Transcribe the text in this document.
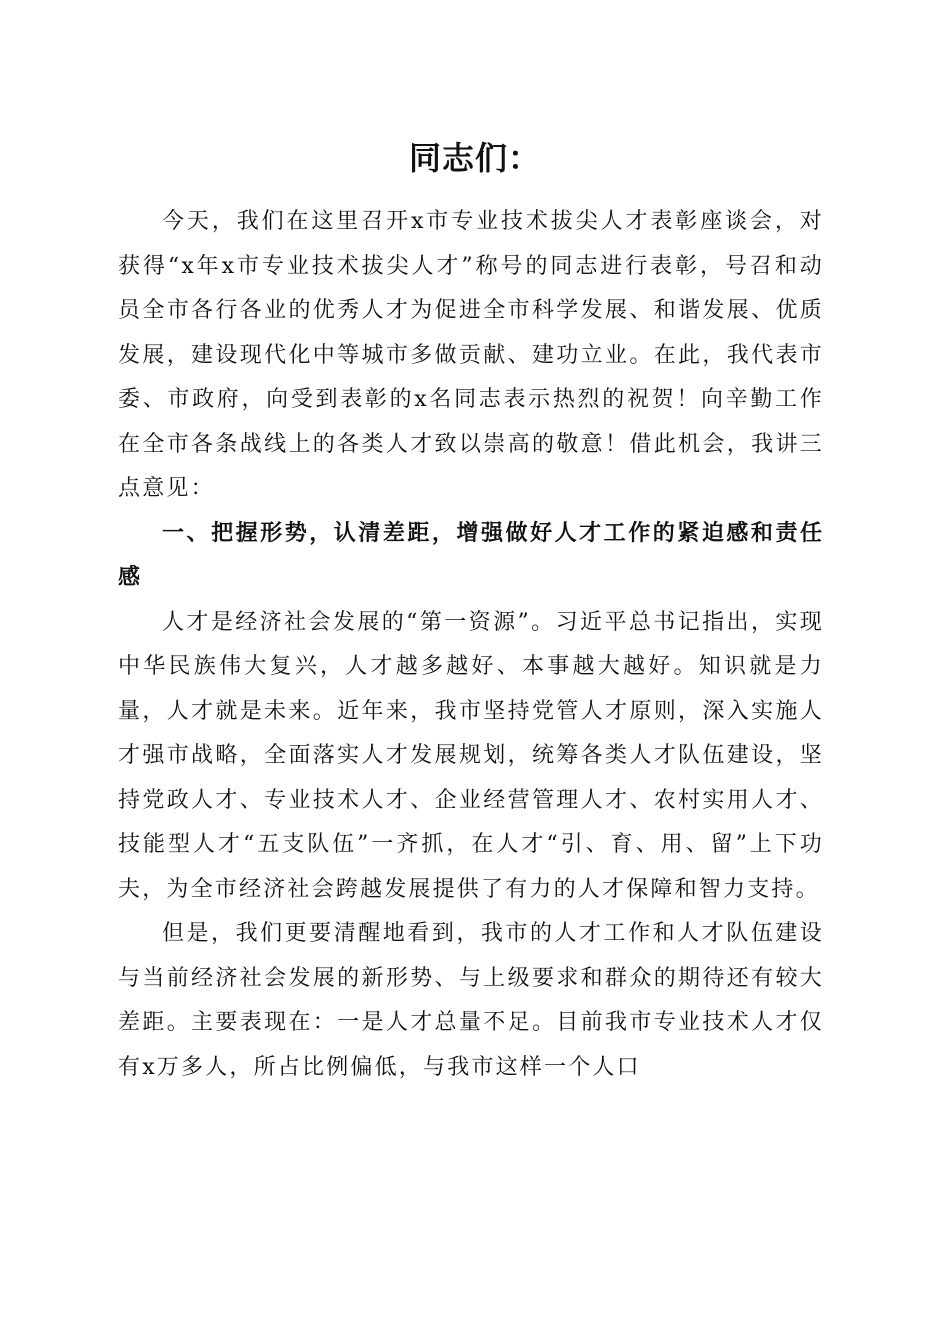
同志们：

今天，我们在这里召开x市专业技术拔尖人才表彰座谈会，对获得“x年x市专业技术拔尖人才”称号的同志进行表彰，号召和动员全市各行各业的优秀人才为促进全市科学发展、和谐发展、优质发展，建设现代化中等城市多做贡献、建功立业。在此，我代表市委、市政府，向受到表彰的x名同志表示热烈的祝贺！向辛勤工作在全市各条战线上的各类人才致以崇高的敬意！借此机会，我讲三点意见：

一、把握形势，认清差距，增强做好人才工作的紧迫感和责任感

人才是经济社会发展的“第一资源”。习近平总书记指出，实现中华民族伟大复兴，人才越多越好、本事越大越好。知识就是力量，人才就是未来。近年来，我市坚持党管人才原则，深入实施人才强市战略，全面落实人才发展规划，统筹各类人才队伍建设，坚持党政人才、专业技术人才、企业经营管理人才、农村实用人才、技能型人才“五支队伍”一齐抓，在人才“引、育、用、留”上下功夫，为全市经济社会跨越发展提供了有力的人才保障和智力支持。

但是，我们更要清醒地看到，我市的人才工作和人才队伍建设与当前经济社会发展的新形势、与上级要求和群众的期待还有较大差距。主要表现在：一是人才总量不足。目前我市专业技术人才仅有x万多人，所占比例偏低，与我市这样一个人口
